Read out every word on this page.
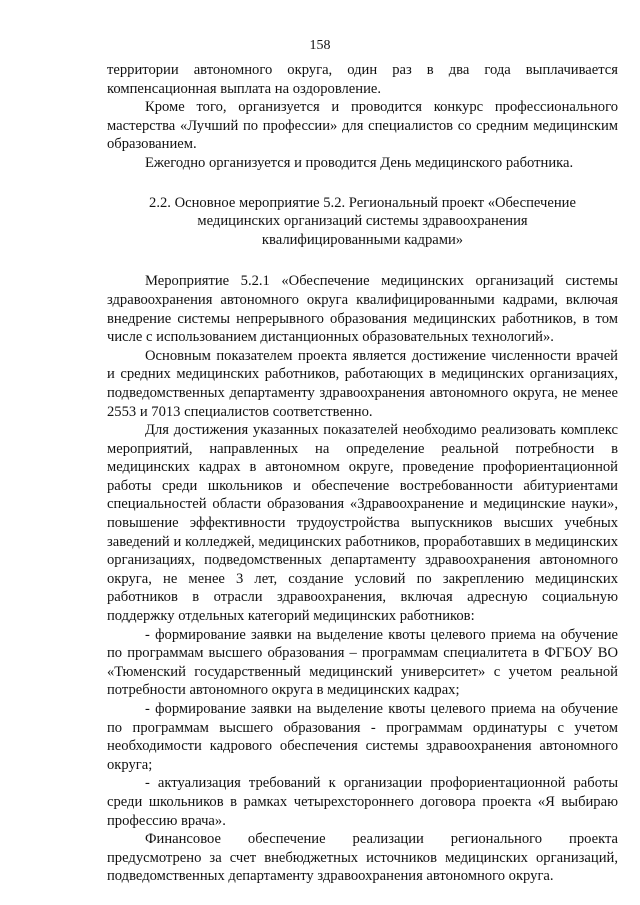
158

территории автономного округа, один раз в два года выплачивается компенсационная выплата на оздоровление.

Кроме того, организуется и проводится конкурс профессионального мастерства «Лучший по профессии» для специалистов со средним медицинским образованием.

Ежегодно организуется и проводится День медицинского работника.

2.2. Основное мероприятие 5.2. Региональный проект «Обеспечение
медицинских организаций системы здравоохранения
квалифицированными кадрами»

Мероприятие 5.2.1 «Обеспечение медицинских организаций системы здравоохранения автономного округа квалифицированными кадрами, включая внедрение системы непрерывного образования медицинских работников, в том числе с использованием дистанционных образовательных технологий».

Основным показателем проекта является достижение численности врачей и средних медицинских работников, работающих в медицинских организациях, подведомственных департаменту здравоохранения автономного округа, не менее 2553 и 7013 специалистов соответственно.

Для достижения указанных показателей необходимо реализовать комплекс мероприятий, направленных на определение реальной потребности в медицинских кадрах в автономном округе, проведение профориентационной работы среди школьников и обеспечение востребованности абитуриентами специальностей области образования «Здравоохранение и медицинские науки», повышение эффективности трудоустройства выпускников высших учебных заведений и колледжей, медицинских работников, проработавших в медицинских организациях, подведомственных департаменту здравоохранения автономного округа, не менее 3 лет, создание условий по закреплению медицинских работников в отрасли здравоохранения, включая адресную социальную поддержку отдельных категорий медицинских работников:

- формирование заявки на выделение квоты целевого приема на обучение по программам высшего образования – программам специалитета в ФГБОУ ВО «Тюменский государственный медицинский университет» с учетом реальной потребности автономного округа в медицинских кадрах;

- формирование заявки на выделение квоты целевого приема на обучение по программам высшего образования - программам ординатуры с учетом необходимости кадрового обеспечения системы здравоохранения автономного округа;

- актуализация требований к организации профориентационной работы среди школьников в рамках четырехстороннего договора проекта «Я выбираю профессию врача».

Финансовое обеспечение реализации регионального проекта предусмотрено за счет внебюджетных источников медицинских организаций, подведомственных департаменту здравоохранения автономного округа.
